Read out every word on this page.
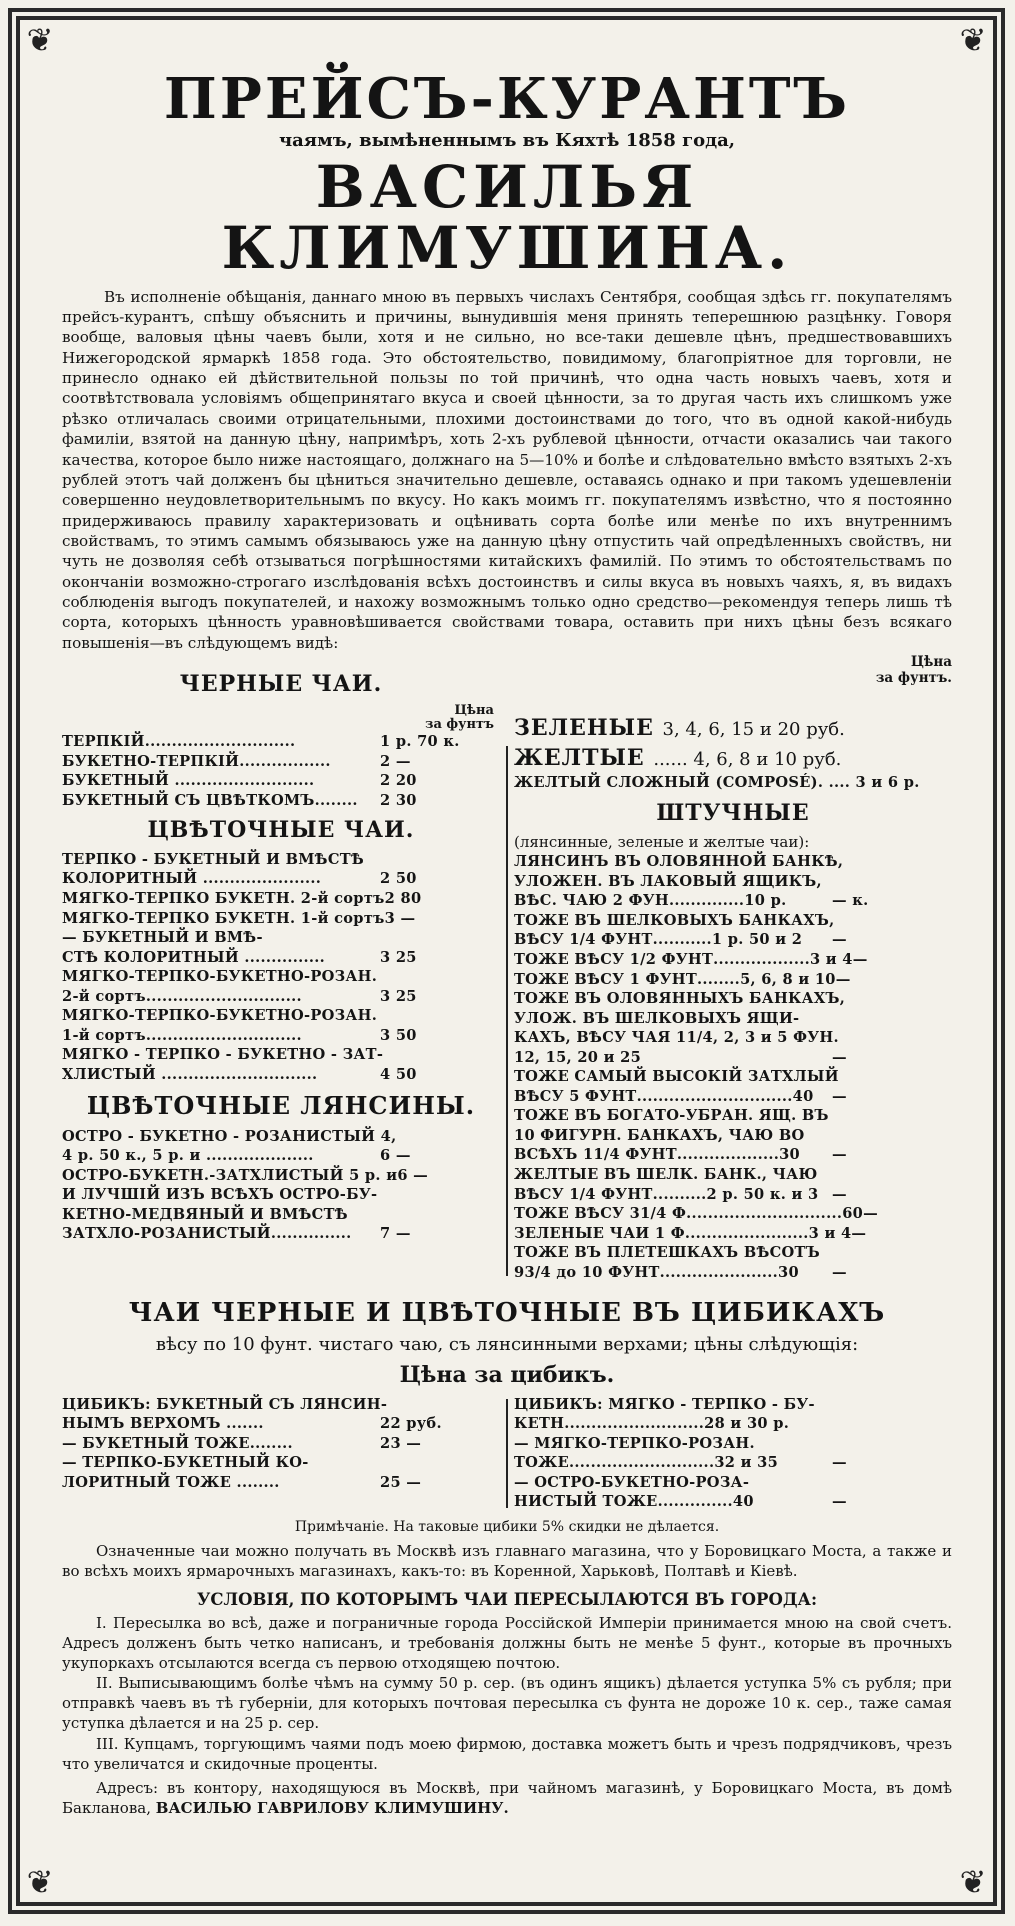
❦	❦
❦	❦
ПРЕЙСЪ-КУРАНТЪ
чаямъ, вымѣненнымъ въ Кяхтѣ 1858 года,
ВАСИЛЬЯ КЛИМУШИНА.

Въ исполненіе обѣщанія, даннаго мною въ первыхъ числахъ Сентября, сообщая здѣсь гг. покупателямъ прейсъ-курантъ, спѣшу объяснить и причины, вынудившія меня принять теперешнюю разцѣнку. Говоря вообще, валовыя цѣны чаевъ были, хотя и не сильно, но все-таки дешевле цѣнъ, предшествовавшихъ Нижегородской ярмаркѣ 1858 года. Это обстоятельство, повидимому, благопріятное для торговли, не принесло однако ей дѣйствительной пользы по той причинѣ, что одна часть новыхъ чаевъ, хотя и соотвѣтствовала условіямъ общепринятаго вкуса и своей цѣнности, за то другая часть ихъ слишкомъ уже рѣзко отличалась своими отрицательными, плохими достоинствами до того, что въ одной какой-нибудь фамиліи, взятой на данную цѣну, напримѣръ, хоть 2-хъ рублевой цѣнности, отчасти оказались чаи такого качества, которое было ниже настоящаго, должнаго на 5—10% и болѣе и слѣдовательно вмѣсто взятыхъ 2-хъ рублей этотъ чай долженъ бы цѣниться значительно дешевле, оставаясь однако и при такомъ удешевленіи совершенно неудовлетворительнымъ по вкусу. Но какъ моимъ гг. покупателямъ извѣстно, что я постоянно придерживаюсь правилу характеризовать и оцѣнивать сорта болѣе или менѣе по ихъ внутреннимъ свойствамъ, то этимъ самымъ обязываюсь уже на данную цѣну отпустить чай опредѣленныхъ свойствъ, ни чуть не дозволяя себѣ отзываться погрѣшностями китайскихъ фамилій. По этимъ то обстоятельствамъ по окончаніи возможно-строгаго изслѣдованія всѣхъ достоинствъ и силы вкуса въ новыхъ чаяхъ, я, въ видахъ соблюденія выгодъ покупателей, и нахожу возможнымъ только одно средство—рекомендуя теперь лишь тѣ сорта, которыхъ цѣнность уравновѣшивается свойствами товара, оставить при нихъ цѣны безъ всякаго повышенія—въ слѣдующемъ видѣ:

Цѣна
за фунтъ.
ЧЕРНЫЕ ЧАИ.
Цѣна
за фунтъ
ТЕРПКІЙ............................	1 р. 70 к.
БУКЕТНО-ТЕРПКІЙ.................	2 —
БУКЕТНЫЙ ..........................	2 20
БУКЕТНЫЙ СЪ ЦВѢТКОМЪ........ 2 30
ЦВѢТОЧНЫЕ ЧАИ.
ТЕРПКО - БУКЕТНЫЙ И ВМѢСТѢ
КОЛОРИТНЫЙ ......................	2 50
МЯГКО-ТЕРПКО БУКЕТН. 2-й сортъ 2 80
МЯГКО-ТЕРПКО БУКЕТН. 1-й сортъ 3 —
— БУКЕТНЫЙ И ВМѢ-
СТѢ КОЛОРИТНЫЙ ...............	3 25
МЯГКО-ТЕРПКО-БУКЕТНО-РОЗАН.
2-й сортъ.............................	3 25
МЯГКО-ТЕРПКО-БУКЕТНО-РОЗАН.
1-й сортъ.............................	3 50
МЯГКО - ТЕРПКО - БУКЕТНО - ЗАТ-
ХЛИСТЫЙ .............................	4 50
ЦВѢТОЧНЫЕ ЛЯНСИНЫ.
ОСТРО - БУКЕТНО - РОЗАНИСТЫЙ 4,
4 р. 50 к., 5 р. и ....................	6 —
ОСТРО-БУКЕТН.-ЗАТХЛИСТЫЙ 5 р. и 6 —
И ЛУЧШІЙ ИЗЪ ВСѢХЪ ОСТРО-БУ-
КЕТНО-МЕДВЯНЫЙ И ВМѢСТѢ
ЗАТХЛО-РОЗАНИСТЫЙ............... 7 —
ЗЕЛЕНЫЕ 3, 4, 6, 15 и 20 руб.
ЖЕЛТЫЕ ...... 4, 6, 8 и 10 руб.
ЖЕЛТЫЙ СЛОЖНЫЙ (COMPOSÉ). .... 3 и 6 р.
ШТУЧНЫЕ
(лянсинные, зеленые и желтые чаи):
ЛЯНСИНЪ ВЪ ОЛОВЯННОЙ БАНКѢ,
УЛОЖЕН. ВЪ ЛАКОВЫЙ ЯЩИКЪ,
ВѢС. ЧАЮ 2 ФУН..............10 р.	— к.
ТОЖЕ ВЪ ШЕЛКОВЫХЪ БАНКАХЪ,
ВѢСУ 1/4 ФУНТ...........1 р. 50 и 2 —
ТОЖЕ ВѢСУ 1/2 ФУНТ..................3 и 4 —
ТОЖЕ ВѢСУ 1 ФУНТ........5, 6, 8 и 10 —
ТОЖЕ ВЪ ОЛОВЯННЫХЪ БАНКАХЪ,
УЛОЖ. ВЪ ШЕЛКОВЫХЪ ЯЩИ-
КАХЪ, ВѢСУ ЧАЯ 11/4, 2, 3 и 5 ФУН.
12, 15, 20 и 25	—
ТОЖЕ САМЫЙ ВЫСОКІЙ ЗАТХЛЫЙ
ВѢСУ 5 ФУНТ.............................40 —
ТОЖЕ ВЪ БОГАТО-УБРАН. ЯЩ. ВЪ
10 ФИГУРН. БАНКАХЪ, ЧАЮ ВО
ВСѢХЪ 11/4 ФУНТ...................30 —
ЖЕЛТЫЕ ВЪ ШЕЛК. БАНК., ЧАЮ
ВѢСУ 1/4 ФУНТ..........2 р. 50 к. и 3 —
ТОЖЕ ВѢСУ 31/4 Ф.............................60 —
ЗЕЛЕНЫЕ ЧАИ 1 Ф.......................3 и 4 —
ТОЖЕ ВЪ ПЛЕТЕШКАХЪ ВѢСОТЪ
93/4 до 10 ФУНТ......................30 —
ЧАИ ЧЕРНЫЕ И ЦВѢТОЧНЫЕ ВЪ ЦИБИКАХЪ
вѣсу по 10 фунт. чистаго чаю, съ лянсинными верхами; цѣны слѣдующія:
Цѣна за цибикъ.
ЦИБИКЪ: БУКЕТНЫЙ СЪ ЛЯНСИН-
НЫМЪ ВЕРХОМЪ .......	22 руб.
— БУКЕТНЫЙ ТОЖЕ........	23 —
— ТЕРПКО-БУКЕТНЫЙ КО-
ЛОРИТНЫЙ ТОЖЕ ........	25 —
ЦИБИКЪ: МЯГКО - ТЕРПКО - БУ-
КЕТН..........................28 и 30 р.
— МЯГКО-ТЕРПКО-РОЗАН.
ТОЖЕ...........................32 и 35	—
— ОСТРО-БУКЕТНО-РОЗА-
НИСТЫЙ ТОЖЕ..............40	—
Примѣчаніе. На таковые цибики 5% скидки не дѣлается.

Означенные чаи можно получать въ Москвѣ изъ главнаго магазина, что у Боровицкаго Моста, а также и во всѣхъ моихъ ярмарочныхъ магазинахъ, какъ-то: въ Коренной, Харьковѣ, Полтавѣ и Кіевѣ.

УСЛОВІЯ, ПО КОТОРЫМЪ ЧАИ ПЕРЕСЫЛАЮТСЯ ВЪ ГОРОДА:

I. Пересылка во всѣ, даже и пограничные города Россійской Имперіи принимается мною на свой счетъ. Адресъ долженъ быть четко написанъ, и требованія должны быть не менѣе 5 фунт., которые въ прочныхъ укупоркахъ отсылаются всегда съ первою отходящею почтою.

II. Выписывающимъ болѣе чѣмъ на сумму 50 р. сер. (въ одинъ ящикъ) дѣлается уступка 5% съ рубля; при отправкѣ чаевъ въ тѣ губерніи, для которыхъ почтовая пересылка съ фунта не дороже 10 к. сер., таже самая уступка дѣлается и на 25 р. сер.

III. Купцамъ, торгующимъ чаями подъ моею фирмою, доставка можетъ быть и чрезъ подрядчиковъ, чрезъ что увеличатся и скидочные проценты.

Адресъ: въ контору, находящуюся въ Москвѣ, при чайномъ магазинѣ, у Боровицкаго Моста, въ домѣ Бакланова, ВАСИЛЬЮ ГАВРИЛОВУ КЛИМУШИНУ.
